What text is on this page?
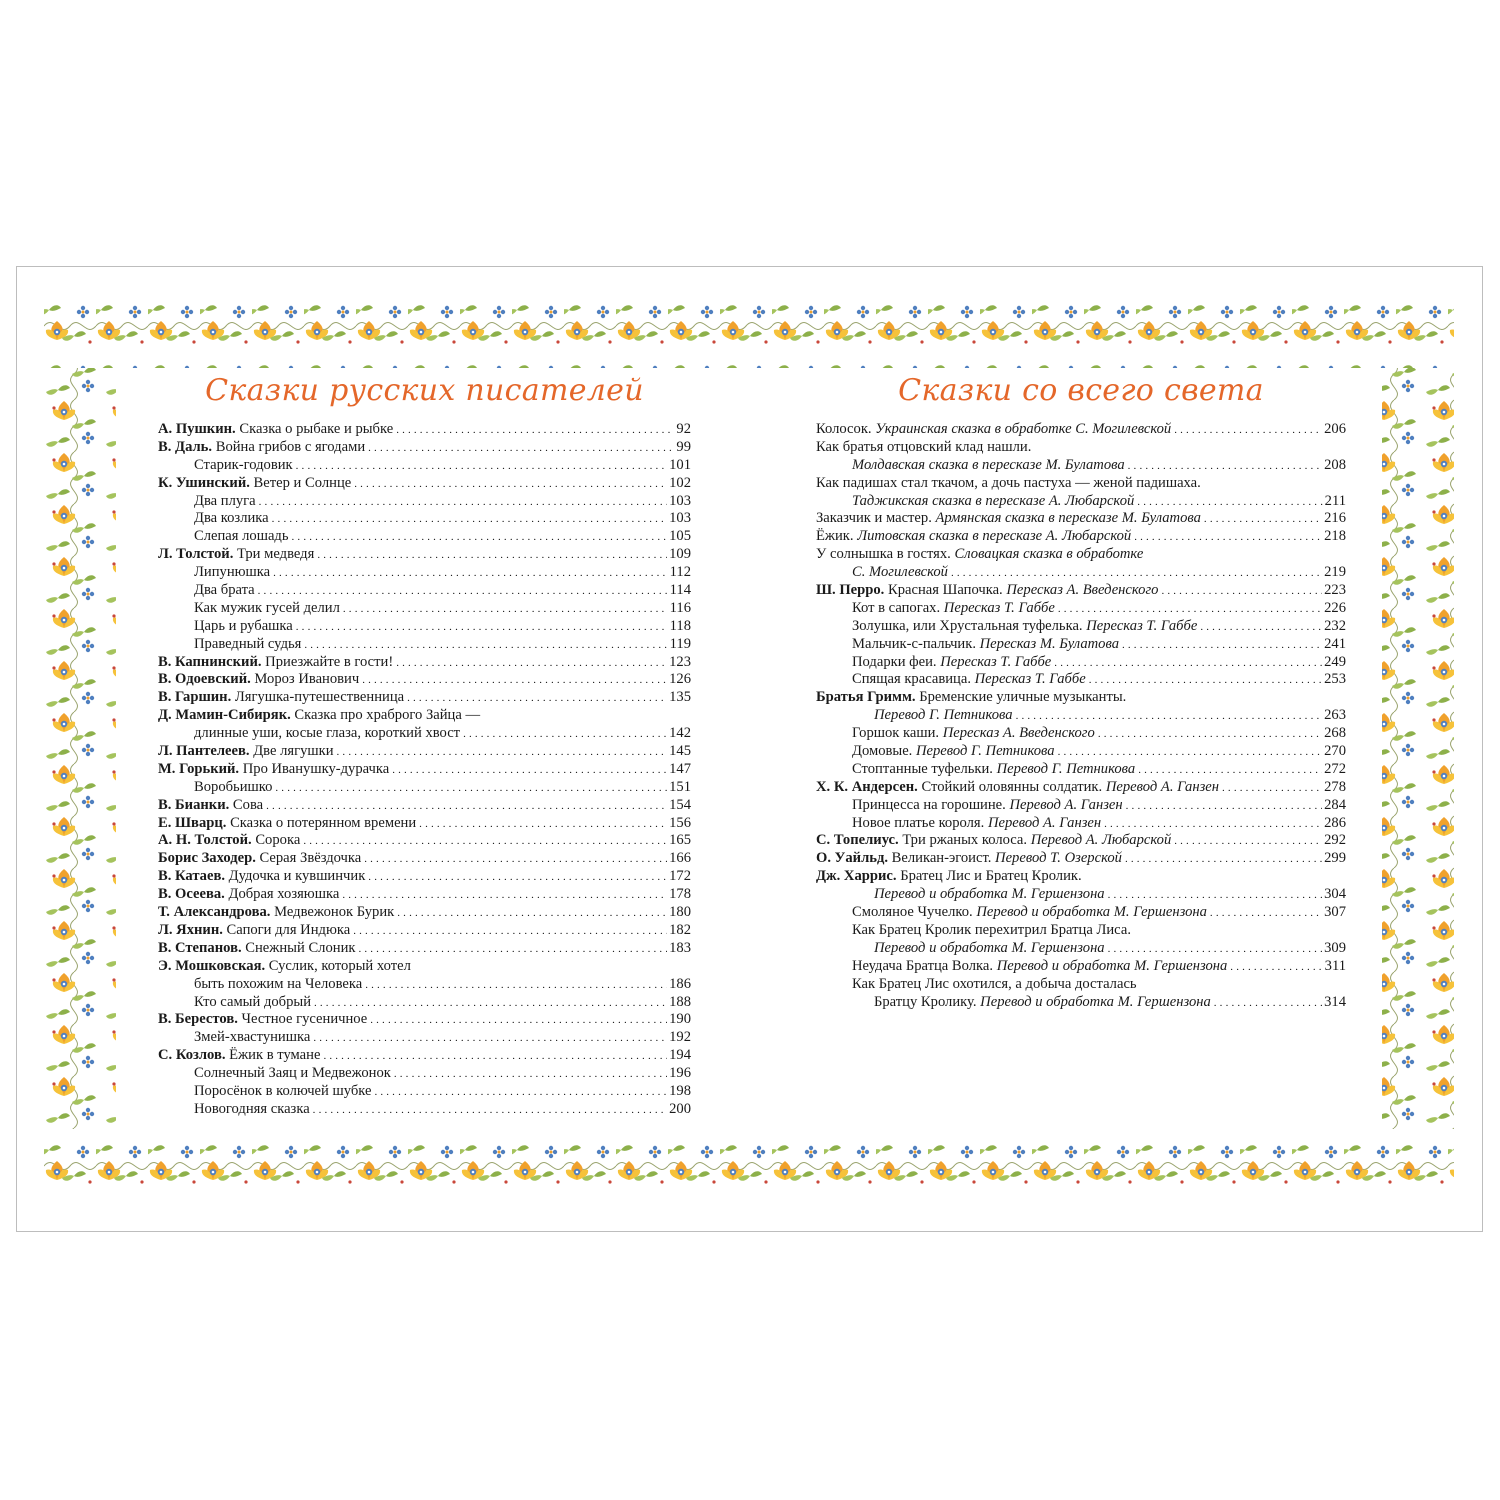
Сказки русских писателей
А. Пушкин. Сказка о рыбаке и рыбке . . .	92
В. Даль. Война грибов с ягодами . . .	99
Старик-годовик . . .	101
К. Ушинский. Ветер и Солнце . . .	102
Два плуга . . .	103
Два козлика . . .	103
Слепая лошадь . . .	105
Л. Толстой. Три медведя . . .	109
Липунюшка . . .	112
Два брата . . .	114
Как мужик гусей делил . . .	116
Царь и рубашка . . .	118
Праведный судья . . .	119
В. Капнинский. Приезжайте в гости! . . .	123
В. Одоевский. Мороз Иванович . . .	126
В. Гаршин. Лягушка-путешественница . . .	135
Д. Мамин-Сибиряк. Сказка про храброго Зайца —
длинные уши, косые глаза, короткий хвост . . .	142
Л. Пантелеев. Две лягушки . . .	145
М. Горький. Про Иванушку-дурачка . . .	147
Воробьишко . . .	151
В. Бианки. Сова . . .	154
Е. Шварц. Сказка о потерянном времени . . .	156
А. Н. Толстой. Сорока . . .	165
Борис Заходер. Серая Звёздочка . . .	166
В. Катаев. Дудочка и кувшинчик . . .	172
В. Осеева. Добрая хозяюшка . . .	178
Т. Александрова. Медвежонок Бурик . . .	180
Л. Яхнин. Сапоги для Индюка . . .	182
В. Степанов. Снежный Слоник . . .	183
Э. Мошковская. Суслик, который хотел
быть похожим на Человека . . .	186
Кто самый добрый . . .	188
В. Берестов. Честное гусеничное . . .	190
Змей-хвастунишка . . .	192
С. Козлов. Ёжик в тумане . . .	194
Солнечный Заяц и Медвежонок . . .	196
Поросёнок в колючей шубке . . .	198
Новогодняя сказка . . .	200
Сказки со всего света
Колосок. Украинская сказка в обработке С. Могилевской . . .	206
Как братья отцовский клад нашли.
Молдавская сказка в пересказе М. Булатова . . .	208
Как падишах стал ткачом, а дочь пастуха — женой падишаха.
Таджикская сказка в пересказе А. Любарской . . .	211
Заказчик и мастер. Армянская сказка в пересказе М. Булатова . . .	216
Ёжик. Литовская сказка в пересказе А. Любарской . . .	218
У солнышка в гостях. Словацкая сказка в обработке
С. Могилевской . . .	219
Ш. Перро. Красная Шапочка. Пересказ А. Введенского . . .	223
Кот в сапогах. Пересказ Т. Габбе . . .	226
Золушка, или Хрустальная туфелька. Пересказ Т. Габбе . . .	232
Мальчик-с-пальчик. Пересказ М. Булатова . . .	241
Подарки феи. Пересказ Т. Габбе . . .	249
Спящая красавица. Пересказ Т. Габбе . . .	253
Братья Гримм. Бременские уличные музыканты.
Перевод Г. Петникова . . .	263
Горшок каши. Пересказ А. Введенского . . .	268
Домовые. Перевод Г. Петникова . . .	270
Стоптанные туфельки. Перевод Г. Петникова . . .	272
Х. К. Андерсен. Стойкий оловянны солдатик. Перевод А. Ганзен . . .	278
Принцесса на горошине. Перевод А. Ганзен . . .	284
Новое платье короля. Перевод А. Ганзен . . .	286
С. Топелиус. Три ржаных колоса. Перевод А. Любарской . . .	292
О. Уайльд. Великан-эгоист. Перевод Т. Озерской . . .	299
Дж. Харрис. Братец Лис и Братец Кролик.
Перевод и обработка М. Гершензона . . .	304
Смоляное Чучелко. Перевод и обработка М. Гершензона . . .	307
Как Братец Кролик перехитрил Братца Лиса.
Перевод и обработка М. Гершензона . . .	309
Неудача Братца Волка. Перевод и обработка М. Гершензона . . .	311
Как Братец Лис охотился, а добыча досталась
Братцу Кролику. Перевод и обработка М. Гершензона . . .	314
